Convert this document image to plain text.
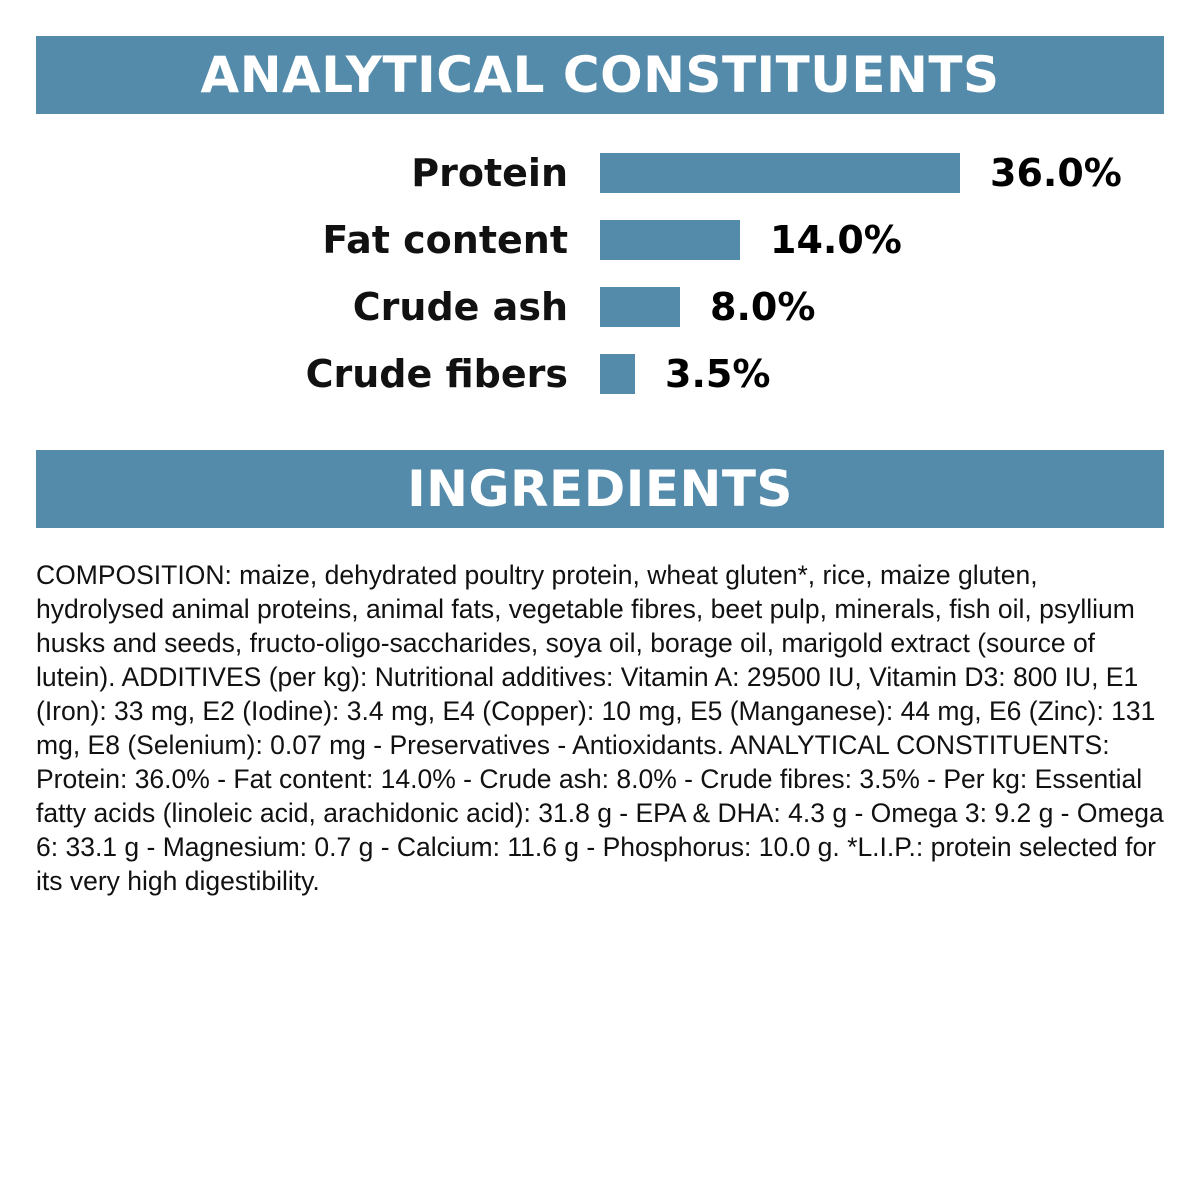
ANALYTICAL CONSTITUENTS
Protein	36.0%
Fat content	14.0%
Crude ash	8.0%
Crude fibers	3.5%
INGREDIENTS

COMPOSITION: maize, dehydrated poultry protein, wheat gluten*, rice, maize gluten, hydrolysed animal proteins, animal fats, vegetable fibres, beet pulp, minerals, fish oil, psyllium husks and seeds, fructo-oligo-saccharides, soya oil, borage oil, marigold extract (source of lutein). ADDITIVES (per kg): Nutritional additives: Vitamin A: 29500 IU, Vitamin D3: 800 IU, E1 (Iron): 33 mg, E2 (Iodine): 3.4 mg, E4 (Copper): 10 mg, E5 (Manganese): 44 mg, E6 (Zinc): 131 mg, E8 (Selenium): 0.07 mg - Preservatives - Antioxidants. ANALYTICAL CONSTITUENTS: Protein: 36.0% - Fat content: 14.0% - Crude ash: 8.0% - Crude fibres: 3.5% - Per kg: Essential fatty acids (linoleic acid, arachidonic acid): 31.8 g - EPA & DHA: 4.3 g - Omega 3: 9.2 g - Omega 6: 33.1 g - Magnesium: 0.7 g - Calcium: 11.6 g - Phosphorus: 10.0 g. *L.I.P.: protein selected for its very high digestibility.
